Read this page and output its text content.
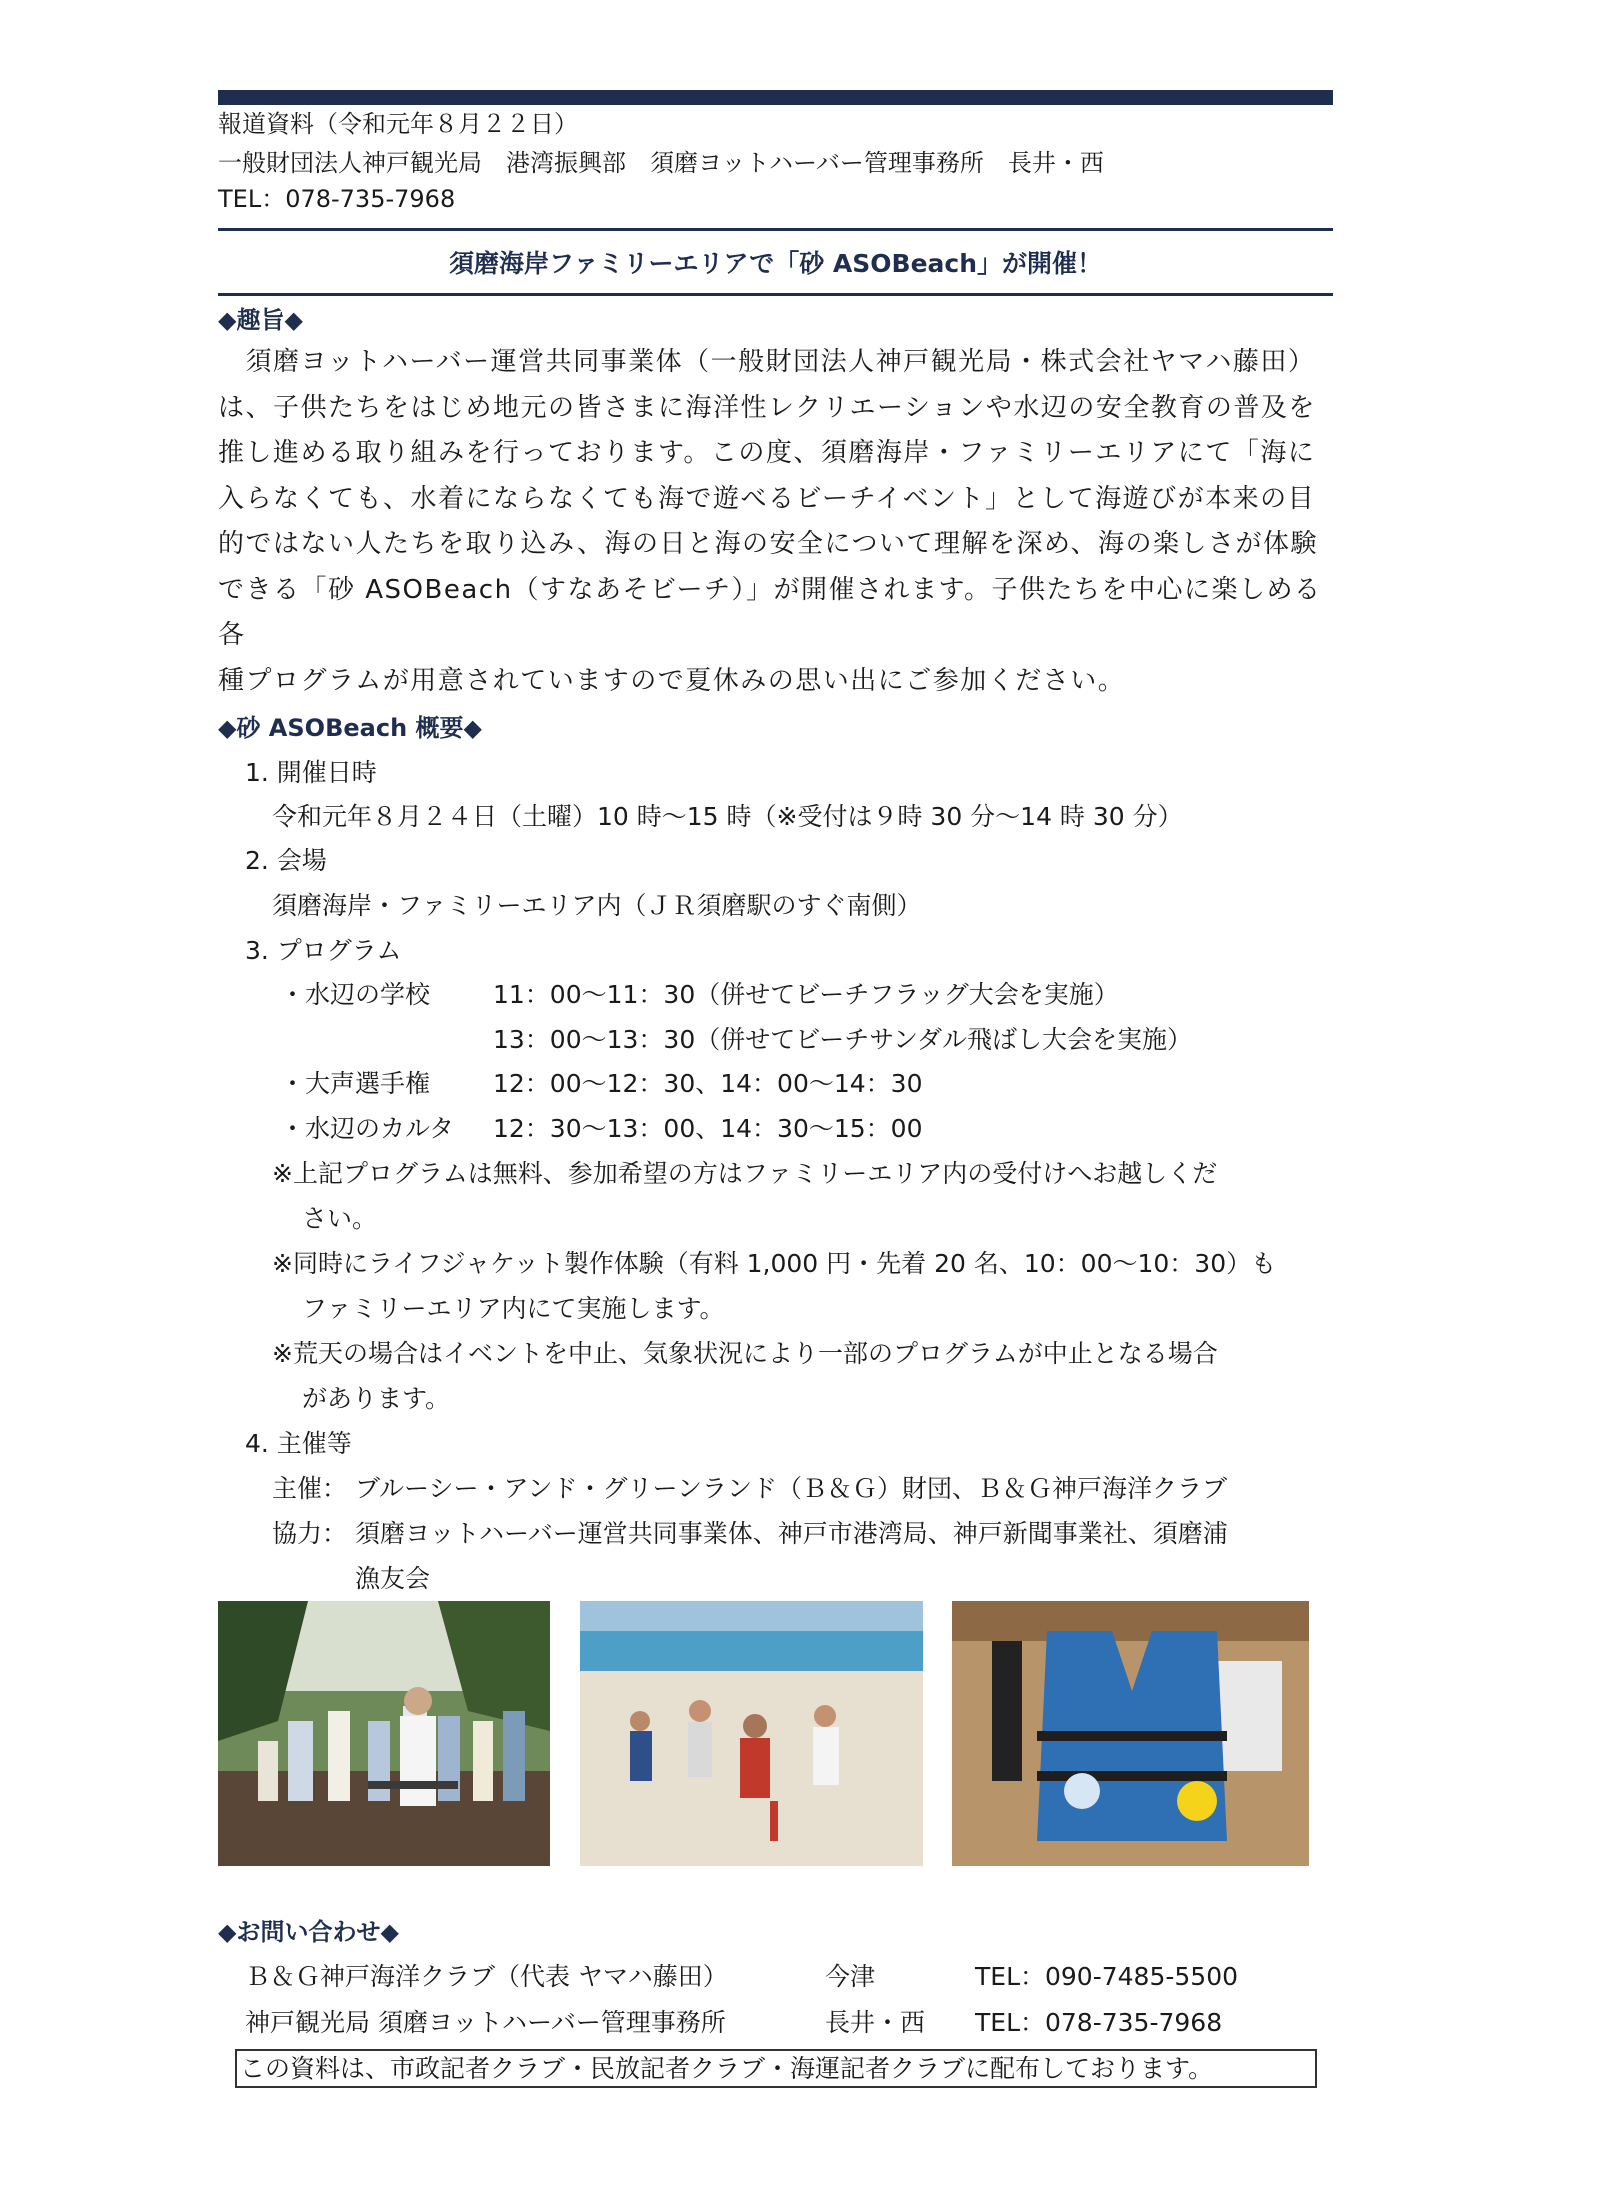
報道資料（令和元年８月２２日）
一般財団法人神戸観光局　港湾振興部　須磨ヨットハーバー管理事務所　長井・西
TEL：078-735-7968
須磨海岸ファミリーエリアで「砂 ASOBeach」が開催！
◆趣旨◆

　須磨ヨットハーバー運営共同事業体（一般財団法人神戸観光局・株式会社ヤマハ藤田）

は、子供たちをはじめ地元の皆さまに海洋性レクリエーションや水辺の安全教育の普及を

推し進める取り組みを行っております。この度、須磨海岸・ファミリーエリアにて「海に

入らなくても、水着にならなくても海で遊べるビーチイベント」として海遊びが本来の目

的ではない人たちを取り込み、海の日と海の安全について理解を深め、海の楽しさが体験

できる「砂 ASOBeach（すなあそビーチ）」が開催されます。子供たちを中心に楽しめる各

種プログラムが用意されていますので夏休みの思い出にご参加ください。

◆砂 ASOBeach 概要◆
1. 開催日時
令和元年８月２４日（土曜）10 時～15 時（※受付は９時 30 分～14 時 30 分）
2. 会場
須磨海岸・ファミリーエリア内（ＪＲ須磨駅のすぐ南側）
3. プログラム
・水辺の学校	11：00～11：30（併せてビーチフラッグ大会を実施）
13：00～13：30（併せてビーチサンダル飛ばし大会を実施）
・大声選手権	12：00～12：30、14：00～14：30
・水辺のカルタ 12：30～13：00、14：30～15：00
※上記プログラムは無料、参加希望の方はファミリーエリア内の受付けへお越しくだ
さい。
※同時にライフジャケット製作体験（有料 1,000 円・先着 20 名、10：00～10：30）も
ファミリーエリア内にて実施します。
※荒天の場合はイベントを中止、気象状況により一部のプログラムが中止となる場合
があります。
4. 主催等
主催： ブルーシー・アンド・グリーンランド（Ｂ＆Ｇ）財団、Ｂ＆Ｇ神戸海洋クラブ
協力： 須磨ヨットハーバー運営共同事業体、神戸市港湾局、神戸新聞事業社、須磨浦
漁友会
◆お問い合わせ◆
Ｂ＆Ｇ神戸海洋クラブ（代表 ヤマハ藤田）	今津	TEL：090-7485-5500
神戸観光局 須磨ヨットハーバー管理事務所	長井・西 TEL：078-735-7968
この資料は、市政記者クラブ・民放記者クラブ・海運記者クラブに配布しております。
